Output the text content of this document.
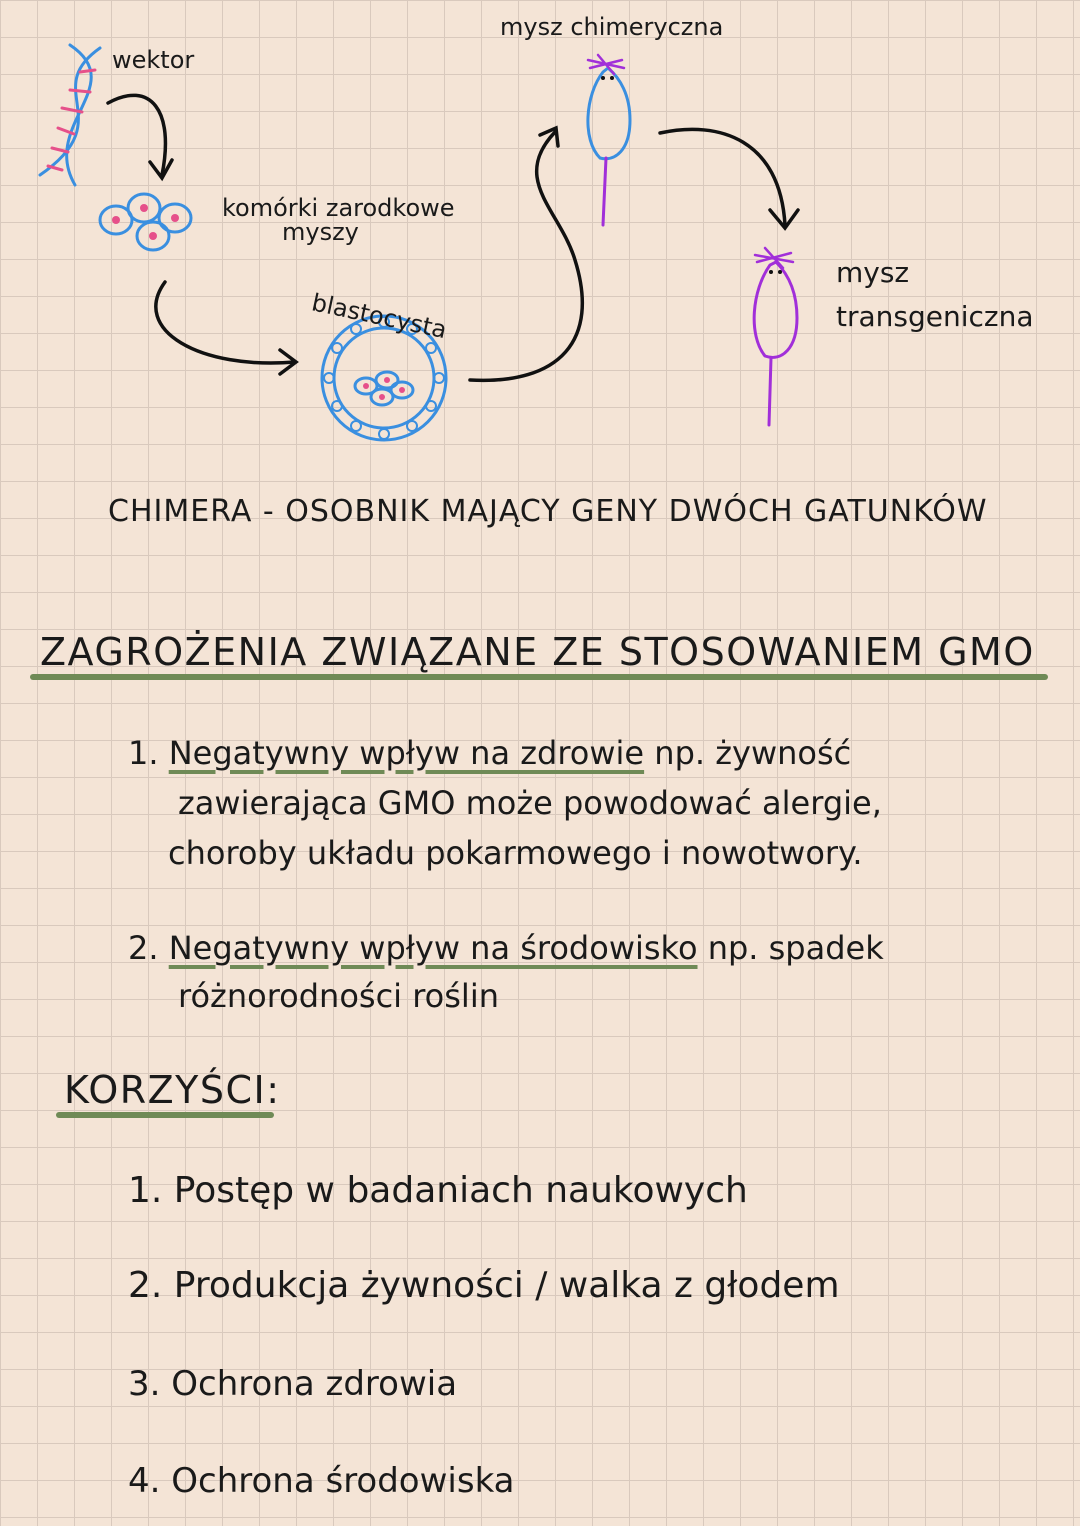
wektor
komórki zarodkowe
myszy
blastocysta
mysz chimeryczna
mysz
transgeniczna
CHIMERA - OSOBNIK MAJĄCY GENY DWÓCH GATUNKÓW
ZAGROŻENIA ZWIĄZANE ZE STOSOWANIEM GMO
1. Negatywny wpływ na zdrowie np. żywność
zawierająca GMO może powodować alergie,
choroby układu pokarmowego i nowotwory.
2. Negatywny wpływ na środowisko np. spadek
różnorodności roślin
KORZYŚCI:
1. Postęp w badaniach naukowych
2. Produkcja żywności / walka z głodem
3. Ochrona zdrowia
4. Ochrona środowiska
